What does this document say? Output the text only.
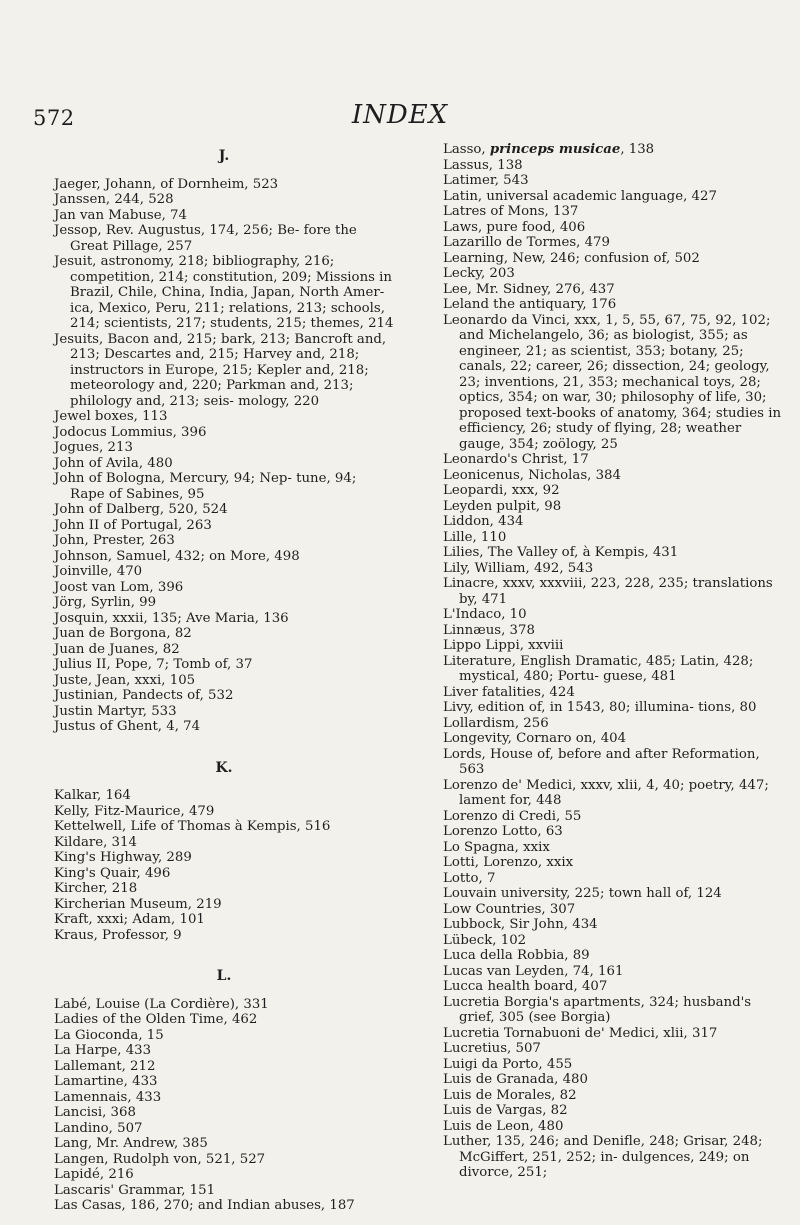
572	INDEX
J.

Jaeger, Johann, of Dornheim, 523

Janssen, 244, 528

Jan van Mabuse, 74

Jessop, Rev. Augustus, 174, 256; Be- fore the Great Pillage, 257

Jesuit, astronomy, 218; bibliography, 216; competition, 214; constitution, 209; Missions in Brazil, Chile, China, India, Japan, North Amer- ica, Mexico, Peru, 211; relations, 213; schools, 214; scientists, 217; students, 215; themes, 214

Jesuits, Bacon and, 215; bark, 213; Bancroft and, 213; Descartes and, 215; Harvey and, 218; instructors in Europe, 215; Kepler and, 218; meteorology and, 220; Parkman and, 213; philology and, 213; seis- mology, 220

Jewel boxes, 113

Jodocus Lommius, 396

Jogues, 213

John of Avila, 480

John of Bologna, Mercury, 94; Nep- tune, 94; Rape of Sabines, 95

John of Dalberg, 520, 524

John II of Portugal, 263

John, Prester, 263

Johnson, Samuel, 432; on More, 498

Joinville, 470

Joost van Lom, 396

Jörg, Syrlin, 99

Josquin, xxxii, 135; Ave Maria, 136

Juan de Borgona, 82

Juan de Juanes, 82

Julius II, Pope, 7; Tomb of, 37

Juste, Jean, xxxi, 105

Justinian, Pandects of, 532

Justin Martyr, 533

Justus of Ghent, 4, 74

K.

Kalkar, 164

Kelly, Fitz-Maurice, 479

Kettelwell, Life of Thomas à Kempis, 516

Kildare, 314

King's Highway, 289

King's Quair, 496

Kircher, 218

Kircherian Museum, 219

Kraft, xxxi; Adam, 101

Kraus, Professor, 9

L.

Labé, Louise (La Cordière), 331

Ladies of the Olden Time, 462

La Gioconda, 15

La Harpe, 433

Lallemant, 212

Lamartine, 433

Lamennais, 433

Lancisi, 368

Landino, 507

Lang, Mr. Andrew, 385

Langen, Rudolph von, 521, 527

Lapidé, 216

Lascaris' Grammar, 151

Las Casas, 186, 270; and Indian abuses, 187

Lasso, princeps musicae, 138

Lassus, 138

Latimer, 543

Latin, universal academic language, 427

Latres of Mons, 137

Laws, pure food, 406

Lazarillo de Tormes, 479

Learning, New, 246; confusion of, 502

Lecky, 203

Lee, Mr. Sidney, 276, 437

Leland the antiquary, 176

Leonardo da Vinci, xxx, 1, 5, 55, 67, 75, 92, 102; and Michelangelo, 36; as biologist, 355; as engineer, 21; as scientist, 353; botany, 25; canals, 22; career, 26; dissection, 24; geology, 23; inventions, 21, 353; mechanical toys, 28; optics, 354; on war, 30; philosophy of life, 30; proposed text-books of anatomy, 364; studies in efficiency, 26; study of flying, 28; weather gauge, 354; zoölogy, 25

Leonardo's Christ, 17

Leonicenus, Nicholas, 384

Leopardi, xxx, 92

Leyden pulpit, 98

Liddon, 434

Lille, 110

Lilies, The Valley of, à Kempis, 431

Lily, William, 492, 543

Linacre, xxxv, xxxviii, 223, 228, 235; translations by, 471

L'Indaco, 10

Linnæus, 378

Lippo Lippi, xxviii

Literature, English Dramatic, 485; Latin, 428; mystical, 480; Portu- guese, 481

Liver fatalities, 424

Livy, edition of, in 1543, 80; illumina- tions, 80

Lollardism, 256

Longevity, Cornaro on, 404

Lords, House of, before and after Reformation, 563

Lorenzo de' Medici, xxxv, xlii, 4, 40; poetry, 447; lament for, 448

Lorenzo di Credi, 55

Lorenzo Lotto, 63

Lo Spagna, xxix

Lotti, Lorenzo, xxix

Lotto, 7

Louvain university, 225; town hall of, 124

Low Countries, 307

Lubbock, Sir John, 434

Lübeck, 102

Luca della Robbia, 89

Lucas van Leyden, 74, 161

Lucca health board, 407

Lucretia Borgia's apartments, 324; husband's grief, 305 (see Borgia)

Lucretia Tornabuoni de' Medici, xlii, 317

Lucretius, 507

Luigi da Porto, 455

Luis de Granada, 480

Luis de Morales, 82

Luis de Vargas, 82

Luis de Leon, 480

Luther, 135, 246; and Denifle, 248; Grisar, 248; McGiffert, 251, 252; in- dulgences, 249; on divorce, 251;
